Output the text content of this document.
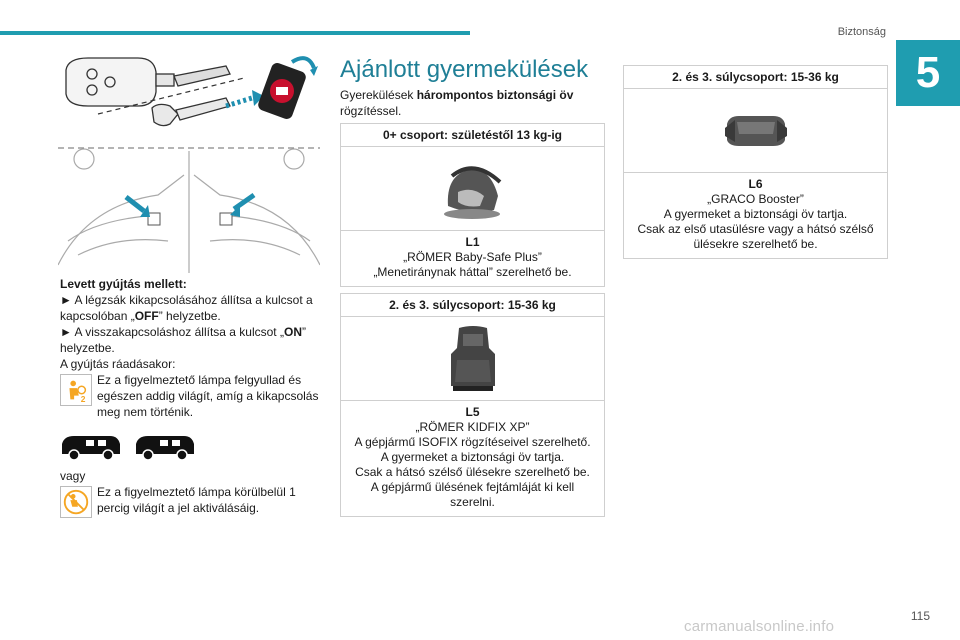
Biztonság
5
115
carmanualsonline.info

Levett gyújtás mellett:

► A légzsák kikapcsolásához állítsa a kulcsot a kapcsolóban „OFF” helyzetbe.

► A visszakapcsoláshoz állítsa a kulcsot „ON” helyzetbe.

A gyújtás ráadásakor:

2

Ez a figyelmeztető lámpa felgyullad és egészen addig világít, amíg a kikapcsolás meg nem történik.

vagy

Ez a figyelmeztető lámpa körülbelül 1 percig világít a jel aktiválásáig.

Ajánlott gyermekülések

Gyerekülések hárompontos biztonsági öv rögzítéssel.

0+ csoport: születéstől 13 kg-ig
L1
„RÖMER Baby-Safe Plus”
„Menetiránynak háttal” szerelhető be.
2. és 3. súlycsoport: 15-36 kg
L5
„RÖMER KIDFIX XP”
A gépjármű ISOFIX rögzítéseivel szerelhető.
A gyermeket a biztonsági öv tartja.
Csak a hátsó szélső ülésekre szerelhető be.
A gépjármű ülésének fejtámláját ki kell szerelni.
2. és 3. súlycsoport: 15-36 kg
L6
„GRACO Booster”
A gyermeket a biztonsági öv tartja.
Csak az első utasülésre vagy a hátsó szélső ülésekre szerelhető be.
